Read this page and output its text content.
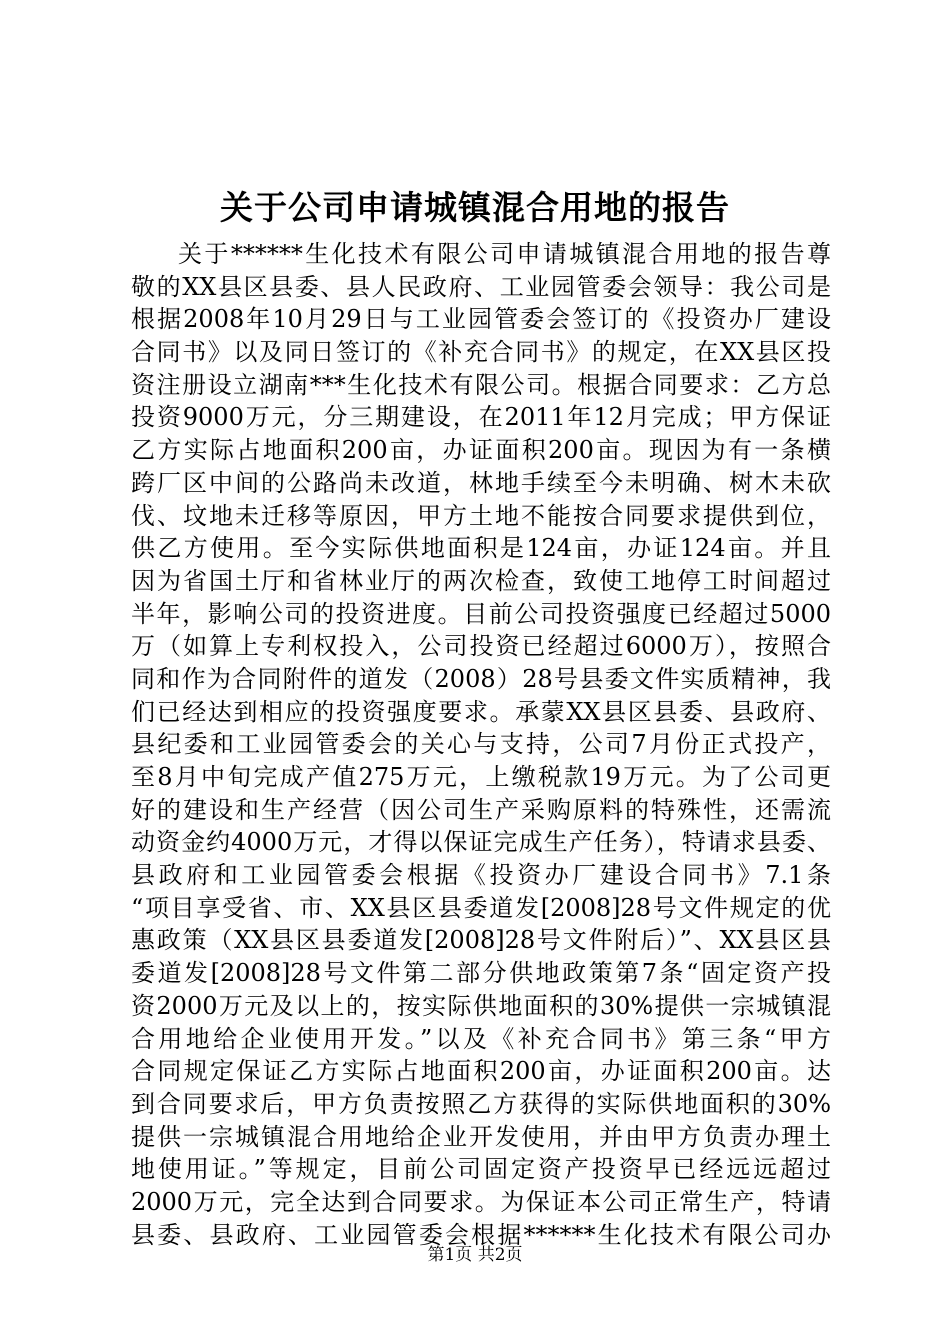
关于公司申请城镇混合用地的报告
关于******生化技术有限公司申请城镇混合用地的报告尊
敬的XX县区县委、县人民政府、工业园管委会领导：我公司是
根据2008年10月29日与工业园管委会签订的《投资办厂建设
合同书》以及同日签订的《补充合同书》的规定，在XX县区投
资注册设立湖南***生化技术有限公司。根据合同要求：乙方总
投资9000万元，分三期建设，在2011年12月完成；甲方保证
乙方实际占地面积200亩，办证面积200亩。现因为有一条横
跨厂区中间的公路尚未改道，林地手续至今未明确、树木未砍
伐、坟地未迁移等原因，甲方土地不能按合同要求提供到位，
供乙方使用。至今实际供地面积是124亩，办证124亩。并且
因为省国土厅和省林业厅的两次检查，致使工地停工时间超过
半年，影响公司的投资进度。目前公司投资强度已经超过5000
万（如算上专利权投入，公司投资已经超过6000万），按照合
同和作为合同附件的道发（2008）28号县委文件实质精神，我
们已经达到相应的投资强度要求。承蒙XX县区县委、县政府、
县纪委和工业园管委会的关心与支持，公司7月份正式投产，
至8月中旬完成产值275万元，上缴税款19万元。为了公司更
好的建设和生产经营（因公司生产采购原料的特殊性，还需流
动资金约4000万元，才得以保证完成生产任务），特请求县委、
县政府和工业园管委会根据《投资办厂建设合同书》7.1条
“项目享受省、市、XX县区县委道发[2008]28号文件规定的优
惠政策（XX县区县委道发[2008]28号文件附后）”、XX县区县
委道发[2008]28号文件第二部分供地政策第7条“固定资产投
资2000万元及以上的，按实际供地面积的30%提供一宗城镇混
合用地给企业使用开发。”以及《补充合同书》第三条“甲方
合同规定保证乙方实际占地面积200亩，办证面积200亩。达
到合同要求后，甲方负责按照乙方获得的实际供地面积的30%
提供一宗城镇混合用地给企业开发使用，并由甲方负责办理土
地使用证。”等规定，目前公司固定资产投资早已经远远超过
2000万元，完全达到合同要求。为保证本公司正常生产，特请
县委、县政府、工业园管委会根据******生化技术有限公司办

第1页 共2页
